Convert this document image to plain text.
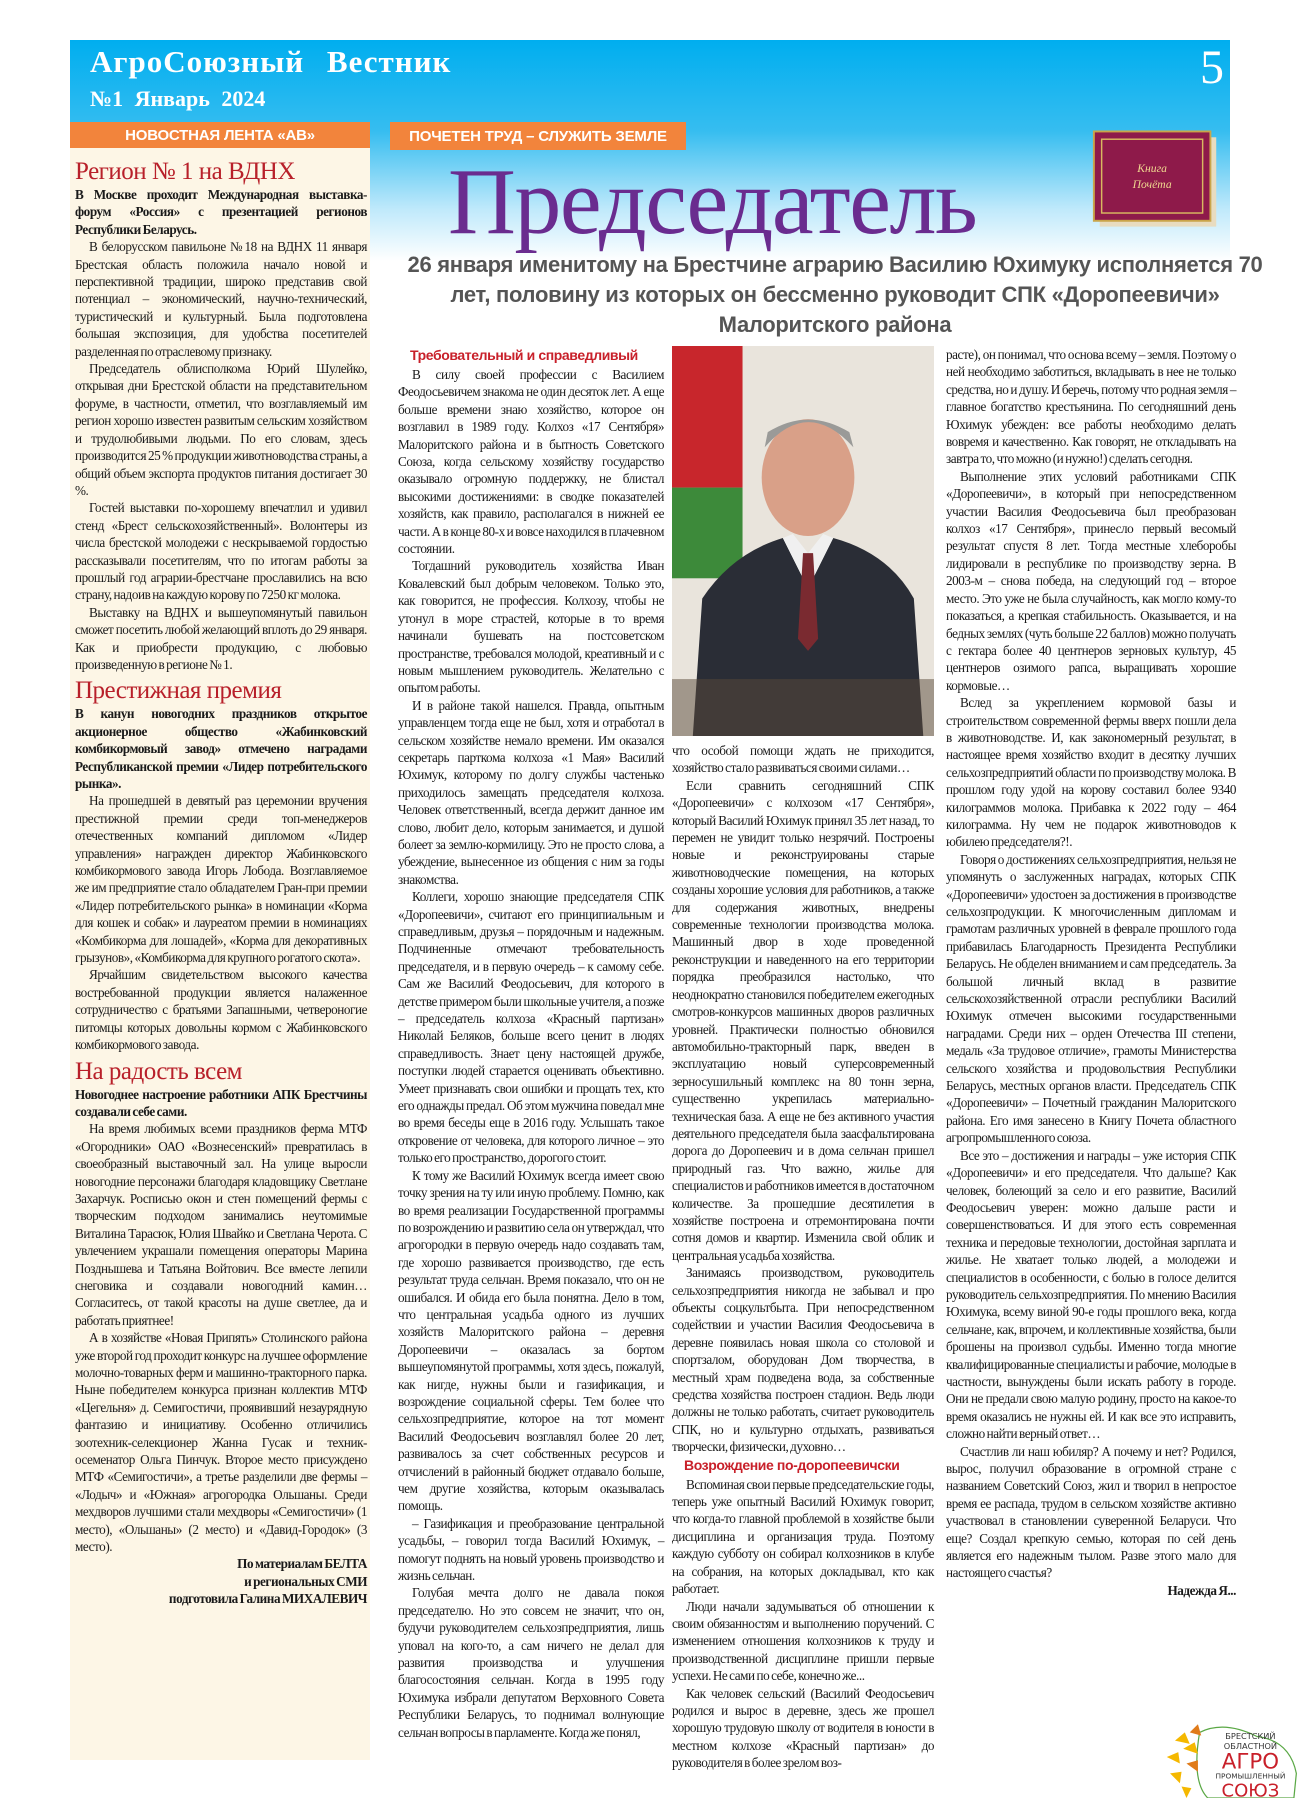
АгроСоюзный Вестник
№1 Январь 2024
5
НОВОСТНАЯ ЛЕНТА «АВ»	ПОЧЕТЕН ТРУД – СЛУЖИТЬ ЗЕМЛЕ
Председатель	Книга
Почёта
26 января именитому на Брестчине аграрию Василию Юхимуку исполняется 70 лет, половину из которых он бессменно руководит СПК «Доропеевичи» Малоритского района

Регион № 1 на ВДНХ

В Москве проходит Международная выставка-форум «Россия» с презентацией регионов Республики Беларусь.

В белорусском павильоне №18 на ВДНХ 11 января Брестская область положила начало новой и перспективной традиции, широко представив свой потенциал – экономический, научно-технический, туристический и культурный. Была подготовлена большая экспозиция, для удобства посетителей разделенная по отраслевому признаку.

Председатель облисполкома Юрий Шулейко, открывая дни Брестской области на представительном форуме, в частности, отметил, что возглавляемый им регион хорошо известен развитым сельским хозяйством и трудолюбивыми людьми. По его словам, здесь производится 25 % продукции животноводства страны, а общий объем экспорта продуктов питания достигает 30 %.

Гостей выставки по-хорошему впечатлил и удивил стенд «Брест сельскохозяйственный». Волонтеры из числа брестской молодежи с нескрываемой гордостью рассказывали посетителям, что по итогам работы за прошлый год аграрии-брестчане прославились на всю страну, надоив на каждую корову по 7250 кг молока.

Выставку на ВДНХ и вышеупомянутый павильон сможет посетить любой желающий вплоть до 29 января. Как и приобрести продукцию, с любовью произведенную в регионе № 1.

Престижная премия

В канун новогодних праздников открытое акционерное общество «Жабинковский комбикормовый завод» отмечено наградами Республиканской премии «Лидер потребительского рынка».

На прошедшей в девятый раз церемонии вручения престижной премии среди топ-менеджеров отечественных компаний дипломом «Лидер управления» награжден директор Жабинковского комбикормового завода Игорь Лобода. Возглавляемое же им предприятие стало обладателем Гран-при премии «Лидер потребительского рынка» в номинации «Корма для кошек и собак» и лауреатом премии в номинациях «Комбикорма для лошадей», «Корма для декоративных грызунов», «Комбикорма для крупного рогатого скота».

Ярчайшим свидетельством высокого качества востребованной продукции является налаженное сотрудничество с братьями Запашными, четвероногие питомцы которых довольны кормом с Жабинковского комбикормового завода.

На радость всем

Новогоднее настроение работники АПК Брестчины создавали себе сами.

На время любимых всеми праздников ферма МТФ «Огородники» ОАО «Вознесенский» превратилась в своеобразный выставочный зал. На улице выросли новогодние персонажи благодаря кладовщику Светлане Захарчук. Росписью окон и стен помещений фермы с творческим подходом занимались неутомимые Виталина Тарасюк, Юлия Швайко и Светлана Черота. С увлечением украшали помещения операторы Марина Позднышева и Татьяна Войтович. Все вместе лепили снеговика и создавали новогодний камин… Согласитесь, от такой красоты на душе светлее, да и работать приятнее!

А в хозяйстве «Новая Припять» Столинского района уже второй год проходит конкурс на лучшее оформление молочно-товарных ферм и машинно-тракторного парка. Ныне победителем конкурса признан коллектив МТФ «Цегельня» д. Семигостичи, проявивший незаурядную фантазию и инициативу. Особенно отличились зоотехник-селекционер Жанна Гусак и техник-осеменатор Ольга Пинчук. Второе место присуждено МТФ «Семигостичи», а третье разделили две фермы – «Лодыч» и «Южная» агрогородка Ольшаны. Среди мехдворов лучшими стали мехдворы «Семигостичи» (1 место), «Ольшаны» (2 место) и «Давид-Городок» (3 место).

По материалам БЕЛТА
и региональных СМИ
подготовила Галина МИХАЛЕВИЧ

Требовательный и справедливый

В силу своей профессии с Василием Феодосьевичем знакома не один десяток лет. А еще больше времени знаю хозяйство, которое он возглавил в 1989 году. Колхоз «17 Сентября» Малоритского района и в бытность Советского Союза, когда сельскому хозяйству государство оказывало огромную поддержку, не блистал высокими достижениями: в сводке показателей хозяйств, как правило, располагался в нижней ее части. А в конце 80-х и вовсе находился в плачевном состоянии.

Тогдашний руководитель хозяйства Иван Ковалевский был добрым человеком. Только это, как говорится, не профессия. Колхозу, чтобы не утонул в море страстей, которые в то время начинали бушевать на постсоветском пространстве, требовался молодой, креативный и с новым мышлением руководитель. Желательно с опытом работы.

И в районе такой нашелся. Правда, опытным управленцем тогда еще не был, хотя и отработал в сельском хозяйстве немало времени. Им оказался секретарь парткома колхоза «1 Мая» Василий Юхимук, которому по долгу службы частенько приходилось замещать председателя колхоза. Человек ответственный, всегда держит данное им слово, любит дело, которым занимается, и душой болеет за землю-кормилицу. Это не просто слова, а убеждение, вынесенное из общения с ним за годы знакомства.

Коллеги, хорошо знающие председателя СПК «Доропеевичи», считают его принципиальным и справедливым, друзья – порядочным и надежным. Подчиненные отмечают требовательность председателя, и в первую очередь – к самому себе. Сам же Василий Феодосьевич, для которого в детстве примером были школьные учителя, а позже – председатель колхоза «Красный партизан» Николай Беляков, больше всего ценит в людях справедливость. Знает цену настоящей дружбе, поступки людей старается оценивать объективно. Умеет признавать свои ошибки и прощать тех, кто его однажды предал. Об этом мужчина поведал мне во время беседы еще в 2016 году. Услышать такое откровение от человека, для которого личное – это только его пространство, дорогого стоит.

К тому же Василий Юхимук всегда имеет свою точку зрения на ту или иную проблему. Помню, как во время реализации Государственной программы по возрождению и развитию села он утверждал, что агрогородки в первую очередь надо создавать там, где хорошо развивается производство, где есть результат труда сельчан. Время показало, что он не ошибался. И обида его была понятна. Дело в том, что центральная усадьба одного из лучших хозяйств Малоритского района – деревня Доропеевичи – оказалась за бортом вышеупомянутой программы, хотя здесь, пожалуй, как нигде, нужны были и газификация, и возрождение социальной сферы. Тем более что сельхозпредприятие, которое на тот момент Василий Феодосьевич возглавлял более 20 лет, развивалось за счет собственных ресурсов и отчислений в районный бюджет отдавало больше, чем другие хозяйства, которым оказывалась помощь.

– Газификация и преобразование центральной усадьбы, – говорил тогда Василий Юхимук, – помогут поднять на новый уровень производство и жизнь сельчан.

Голубая мечта долго не давала покоя председателю. Но это совсем не значит, что он, будучи руководителем сельхозпредприятия, лишь уповал на кого-то, а сам ничего не делал для развития производства и улучшения благосостояния сельчан. Когда в 1995 году Юхимука избрали депутатом Верховного Совета Республики Беларусь, то поднимал волнующие сельчан вопросы в парламенте. Когда же понял,

что особой помощи ждать не приходится, хозяйство стало развиваться своими силами…

Если сравнить сегодняшний СПК «Доропеевичи» с колхозом «17 Сентября», который Василий Юхимук принял 35 лет назад, то перемен не увидит только незрячий. Построены новые и реконструированы старые животноводческие помещения, на которых созданы хорошие условия для работников, а также для содержания животных, внедрены современные технологии производства молока. Машинный двор в ходе проведенной реконструкции и наведенного на его территории порядка преобразился настолько, что неоднократно становился победителем ежегодных смотров-конкурсов машинных дворов различных уровней. Практически полностью обновился автомобильно-тракторный парк, введен в эксплуатацию новый суперсовременный зерносушильный комплекс на 80 тонн зерна, существенно укрепилась материально-техническая база. А еще не без активного участия деятельного председателя была заасфальтирована дорога до Доропеевич и в дома сельчан пришел природный газ. Что важно, жилье для специалистов и работников имеется в достаточном количестве. За прошедшие десятилетия в хозяйстве построена и отремонтирована почти сотня домов и квартир. Изменила свой облик и центральная усадьба хозяйства.

Занимаясь производством, руководитель сельхозпредприятия никогда не забывал и про объекты соцкультбыта. При непосредственном содействии и участии Василия Феодосьевича в деревне появилась новая школа со столовой и спортзалом, оборудован Дом творчества, в местный храм подведена вода, за собственные средства хозяйства построен стадион. Ведь люди должны не только работать, считает руководитель СПК, но и культурно отдыхать, развиваться творчески, физически, духовно…

Возрождение по-доропеевичски

Вспоминая свои первые председательские годы, теперь уже опытный Василий Юхимук говорит, что когда-то главной проблемой в хозяйстве были дисциплина и организация труда. Поэтому каждую субботу он собирал колхозников в клубе на собрания, на которых докладывал, кто как работает.

Люди начали задумываться об отношении к своим обязанностям и выполнению поручений. С изменением отношения колхозников к труду и производственной дисциплине пришли первые успехи. Не сами по себе, конечно же...

Как человек сельский (Василий Феодосьевич родился и вырос в деревне, здесь же прошел хорошую трудовую школу от водителя в юности в местном колхозе «Красный партизан» до руководителя в более зрелом воз-

расте), он понимал, что основа всему – земля. Поэтому о ней необходимо заботиться, вкладывать в нее не только средства, но и душу. И беречь, потому что родная земля – главное богатство крестьянина. По сегодняшний день Юхимук убежден: все работы необходимо делать вовремя и качественно. Как говорят, не откладывать на завтра то, что можно (и нужно!) сделать сегодня.

Выполнение этих условий работниками СПК «Доропеевичи», в который при непосредственном участии Василия Феодосьевича был преобразован колхоз «17 Сентября», принесло первый весомый результат спустя 8 лет. Тогда местные хлеборобы лидировали в республике по производству зерна. В 2003-м – снова победа, на следующий год – второе место. Это уже не была случайность, как могло кому-то показаться, а крепкая стабильность. Оказывается, и на бедных землях (чуть больше 22 баллов) можно получать с гектара более 40 центнеров зерновых культур, 45 центнеров озимого рапса, выращивать хорошие кормовые…

Вслед за укреплением кормовой базы и строительством современной фермы вверх пошли дела в животноводстве. И, как закономерный результат, в настоящее время хозяйство входит в десятку лучших сельхозпредприятий области по производству молока. В прошлом году удой на корову составил более 9340 килограммов молока. Прибавка к 2022 году – 464 килограмма. Ну чем не подарок животноводов к юбилею председателя?!.

Говоря о достижениях сельхозпредприятия, нельзя не упомянуть о заслуженных наградах, которых СПК «Доропеевичи» удостоен за достижения в производстве сельхозпродукции. К многочисленным дипломам и грамотам различных уровней в феврале прошлого года прибавилась Благодарность Президента Республики Беларусь. Не обделен вниманием и сам председатель. За большой личный вклад в развитие сельскохозяйственной отрасли республики Василий Юхимук отмечен высокими государственными наградами. Среди них – орден Отечества III степени, медаль «За трудовое отличие», грамоты Министерства сельского хозяйства и продовольствия Республики Беларусь, местных органов власти. Председатель СПК «Доропеевичи» – Почетный гражданин Малоритского района. Его имя занесено в Книгу Почета областного агропромышленного союза.

Все это – достижения и награды – уже история СПК «Доропеевичи» и его председателя. Что дальше? Как человек, болеющий за село и его развитие, Василий Феодосьевич уверен: можно дальше расти и совершенствоваться. И для этого есть современная техника и передовые технологии, достойная зарплата и жилье. Не хватает только людей, а молодежи и специалистов в особенности, с болью в голосе делится руководитель сельхозпредприятия. По мнению Василия Юхимука, всему виной 90-е годы прошлого века, когда сельчане, как, впрочем, и коллективные хозяйства, были брошены на произвол судьбы. Именно тогда многие квалифицированные специалисты и рабочие, молодые в частности, вынуждены были искать работу в городе. Они не предали свою малую родину, просто на какое-то время оказались не нужны ей. И как все это исправить, сложно найти верный ответ…

Счастлив ли наш юбиляр? А почему и нет? Родился, вырос, получил образование в огромной стране с названием Советский Союз, жил и творил в непростое время ее распада, трудом в сельском хозяйстве активно участвовал в становлении суверенной Беларуси. Что еще? Создал крепкую семью, которая по сей день является его надежным тылом. Разве этого мало для настоящего счастья?

Надежда Я...

БРЕСТСКИЙ
ОБЛАСТНОЙ
АГРО
ПРОМЫШЛЕННЫЙ
СОЮЗ
